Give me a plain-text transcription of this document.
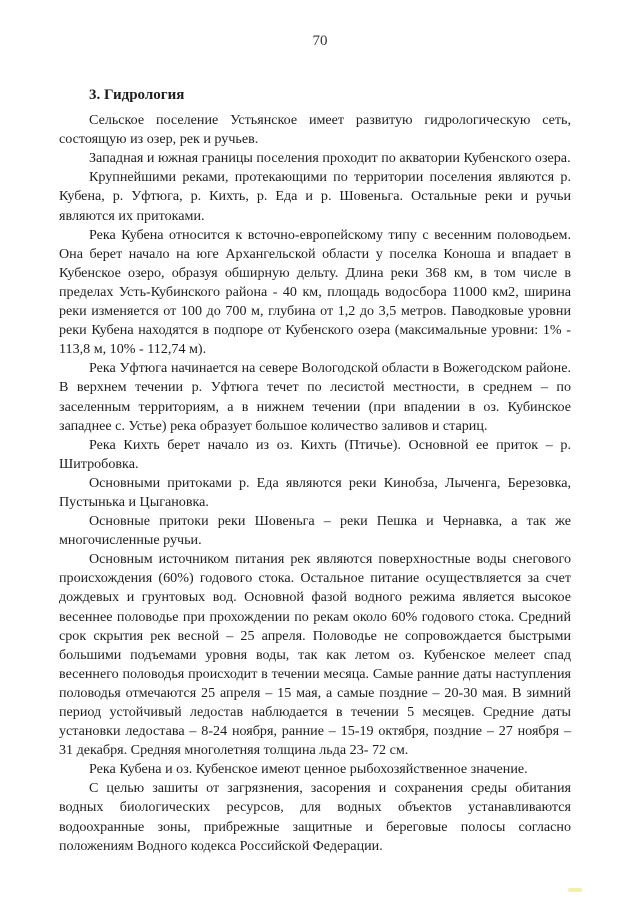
70
3. Гидрология

Сельское поселение Устьянское имеет развитую гидрологическую сеть, состоящую из озер, рек и ручьев.

Западная и южная границы поселения проходит по акватории Кубенского озера.

Крупнейшими реками, протекающими по территории поселения являются р. Кубена, р. Уфтюга, р. Кихть, р. Еда и р. Шовеньга. Остальные реки и ручьи являются их притоками.

Река Кубена относится к всточно-европейскому типу с весенним половодьем. Она берет начало на юге Архангельской области у поселка Коноша и впадает в Кубенское озеро, образуя обширную дельту. Длина реки 368 км, в том числе в пределах Усть-Кубинского района - 40 км, площадь водосбора 11000 км2, ширина реки изменяется от 100 до 700 м, глубина от 1,2 до 3,5 метров. Паводковые уровни реки Кубена находятся в подпоре от Кубенского озера (максимальные уровни: 1% - 113,8 м, 10% - 112,74 м).

Река Уфтюга начинается на севере Вологодской области в Вожегодском районе. В верхнем течении р. Уфтюга течет по лесистой местности, в среднем – по заселенным территориям, а в нижнем течении (при впадении в оз. Кубинское западнее с. Устье) река образует большое количество заливов и стариц.

Река Кихть берет начало из оз. Кихть (Птичье). Основной ее приток – р. Шитробовка.

Основными притоками р. Еда являются реки Кинобза, Лыченга, Березовка, Пустынька и Цыгановка.

Основные притоки реки Шовеньга – реки Пешка и Чернавка, а так же многочисленные ручьи.

Основным источником питания рек являются поверхностные воды снегового происхождения (60%) годового стока. Остальное питание осуществляется за счет дождевых и грунтовых вод. Основной фазой водного режима является высокое весеннее половодье при прохождении по рекам около 60% годового стока. Средний срок скрытия рек весной – 25 апреля. Половодье не сопровождается быстрыми большими подъемами уровня воды, так как летом оз. Кубенское мелеет спад весеннего половодья происходит в течении месяца. Самые ранние даты наступления половодья отмечаются 25 апреля – 15 мая, а самые поздние – 20-30 мая. В зимний период устойчивый ледостав наблюдается в течении 5 месяцев. Средние даты установки ледостава – 8-24 ноября, ранние – 15-19 октября, поздние – 27 ноября – 31 декабря. Средняя многолетняя толщина льда 23- 72 см.

Река Кубена и оз. Кубенское имеют ценное рыбохозяйственное значение.

С целью зашиты от загрязнения, засорения и сохранения среды обитания водных биологических ресурсов, для водных объектов устанавливаются водоохранные зоны, прибрежные защитные и береговые полосы согласно положениям Водного кодекса Российской Федерации.
